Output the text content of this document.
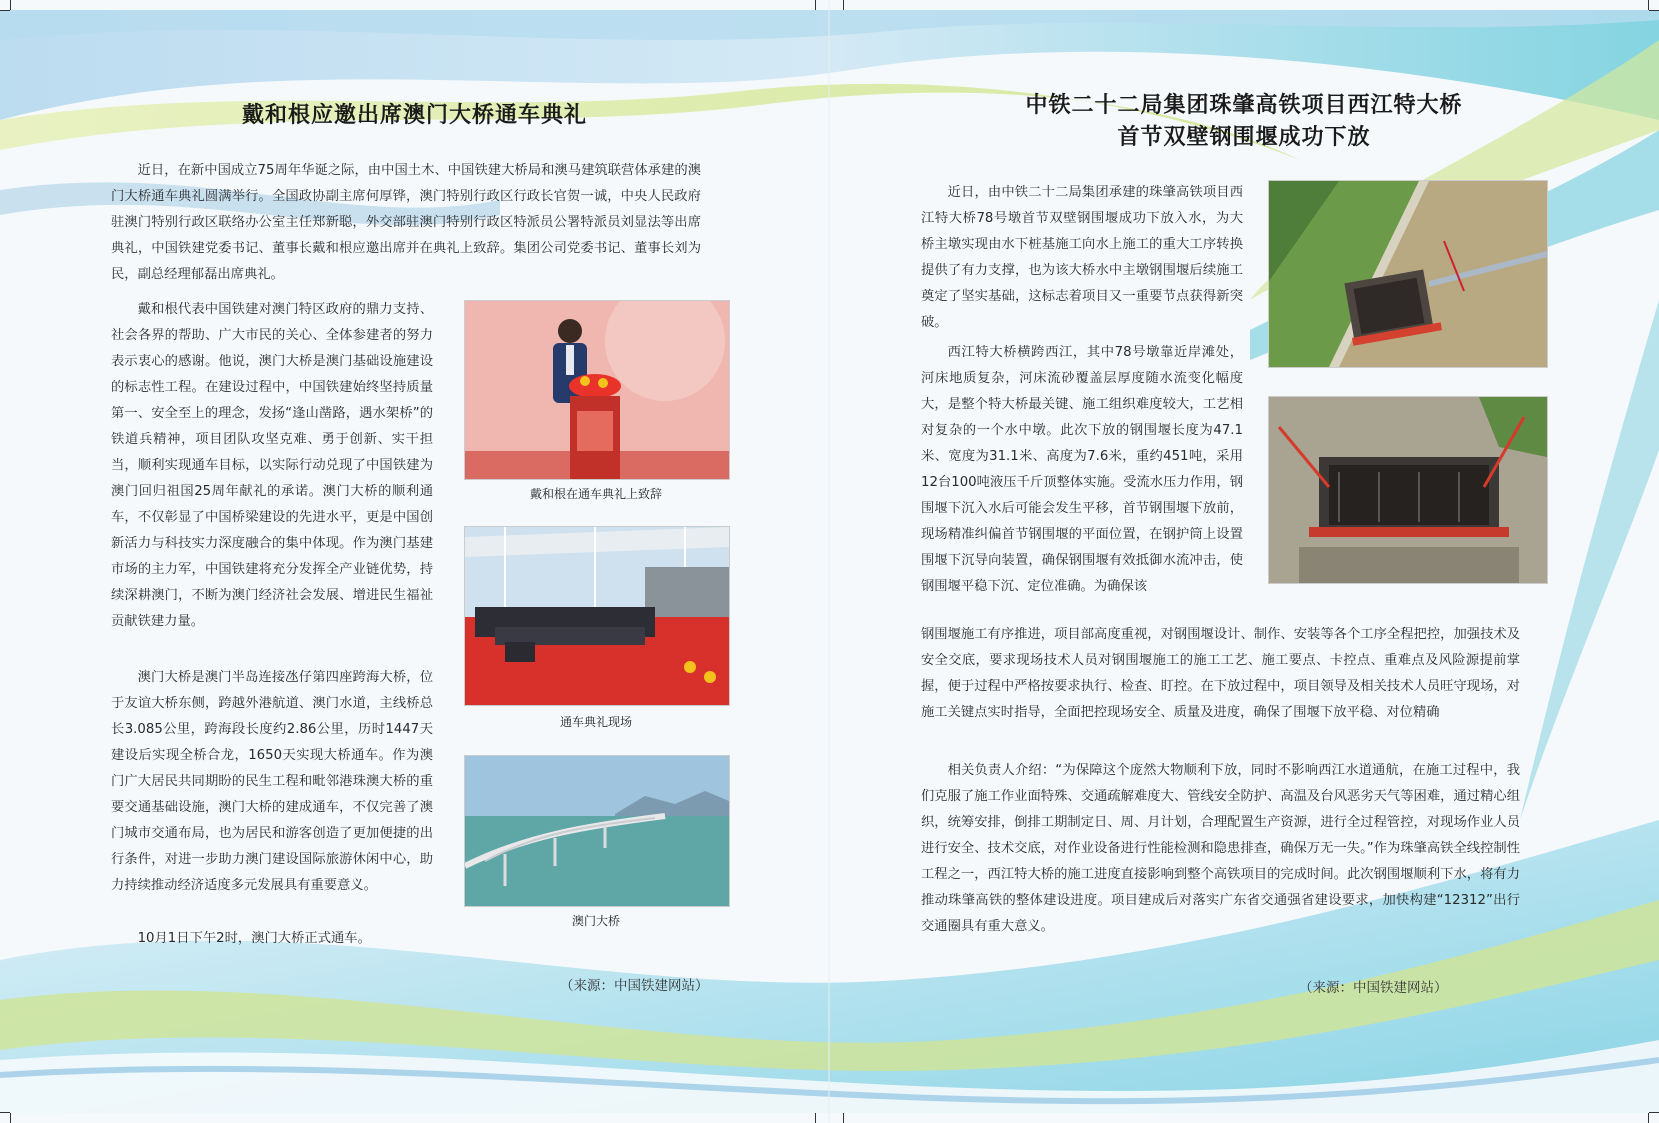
戴和根应邀出席澳门大桥通车典礼

近日，在新中国成立75周年华诞之际，由中国土木、中国铁建大桥局和澳马建筑联营体承建的澳门大桥通车典礼圆满举行。全国政协副主席何厚铧，澳门特别行政区行政长官贺一诚，中央人民政府驻澳门特别行政区联络办公室主任郑新聪，外交部驻澳门特别行政区特派员公署特派员刘显法等出席典礼，中国铁建党委书记、董事长戴和根应邀出席并在典礼上致辞。集团公司党委书记、董事长刘为民，副总经理郁磊出席典礼。

戴和根代表中国铁建对澳门特区政府的鼎力支持、社会各界的帮助、广大市民的关心、全体参建者的努力表示衷心的感谢。他说，澳门大桥是澳门基础设施建设的标志性工程。在建设过程中，中国铁建始终坚持质量第一、安全至上的理念，发扬“逢山凿路，遇水架桥”的铁道兵精神，项目团队攻坚克难、勇于创新、实干担当，顺利实现通车目标，以实际行动兑现了中国铁建为澳门回归祖国25周年献礼的承诺。澳门大桥的顺利通车，不仅彰显了中国桥梁建设的先进水平，更是中国创新活力与科技实力深度融合的集中体现。作为澳门基建市场的主力军，中国铁建将充分发挥全产业链优势，持续深耕澳门，不断为澳门经济社会发展、增进民生福祉贡献铁建力量。

澳门大桥是澳门半岛连接氹仔第四座跨海大桥，位于友谊大桥东侧，跨越外港航道、澳门水道，主线桥总长3.085公里，跨海段长度约2.86公里，历时1447天建设后实现全桥合龙，1650天实现大桥通车。作为澳门广大居民共同期盼的民生工程和毗邻港珠澳大桥的重要交通基础设施，澳门大桥的建成通车，不仅完善了澳门城市交通布局，也为居民和游客创造了更加便捷的出行条件，对进一步助力澳门建设国际旅游休闲中心，助力持续推动经济适度多元发展具有重要意义。

10月1日下午2时，澳门大桥正式通车。

戴和根在通车典礼上致辞
通车典礼现场
澳门大桥
（来源：中国铁建网站）
中铁二十二局集团珠肇高铁项目西江特大桥
首节双壁钢围堰成功下放

近日，由中铁二十二局集团承建的珠肇高铁项目西江特大桥78号墩首节双壁钢围堰成功下放入水，为大桥主墩实现由水下桩基施工向水上施工的重大工序转换提供了有力支撑，也为该大桥水中主墩钢围堰后续施工奠定了坚实基础，这标志着项目又一重要节点获得新突破。

西江特大桥横跨西江，其中78号墩靠近岸滩处，河床地质复杂，河床流砂覆盖层厚度随水流变化幅度大，是整个特大桥最关键、施工组织难度较大，工艺相对复杂的一个水中墩。此次下放的钢围堰长度为47.1米、宽度为31.1米、高度为7.6米，重约451吨，采用12台100吨液压千斤顶整体实施。受流水压力作用，钢围堰下沉入水后可能会发生平移，首节钢围堰下放前，现场精准纠偏首节钢围堰的平面位置，在钢护筒上设置围堰下沉导向装置，确保钢围堰有效抵御水流冲击，使钢围堰平稳下沉、定位准确。为确保该

钢围堰施工有序推进，项目部高度重视，对钢围堰设计、制作、安装等各个工序全程把控，加强技术及安全交底，要求现场技术人员对钢围堰施工的施工工艺、施工要点、卡控点、重难点及风险源提前掌握，便于过程中严格按要求执行、检查、盯控。在下放过程中，项目领导及相关技术人员旺守现场，对施工关键点实时指导，全面把控现场安全、质量及进度，确保了围堰下放平稳、对位精确

相关负责人介绍：“为保障这个庞然大物顺利下放，同时不影响西江水道通航，在施工过程中，我们克服了施工作业面特殊、交通疏解难度大、管线安全防护、高温及台风恶劣天气等困难，通过精心组织，统筹安排，倒排工期制定日、周、月计划，合理配置生产资源，进行全过程管控，对现场作业人员进行安全、技术交底，对作业设备进行性能检测和隐患排查，确保万无一失。”作为珠肇高铁全线控制性工程之一，西江特大桥的施工进度直接影响到整个高铁项目的完成时间。此次钢围堰顺利下水，将有力推动珠肇高铁的整体建设进度。项目建成后对落实广东省交通强省建设要求，加快构建“12312”出行交通圈具有重大意义。

（来源：中国铁建网站）
